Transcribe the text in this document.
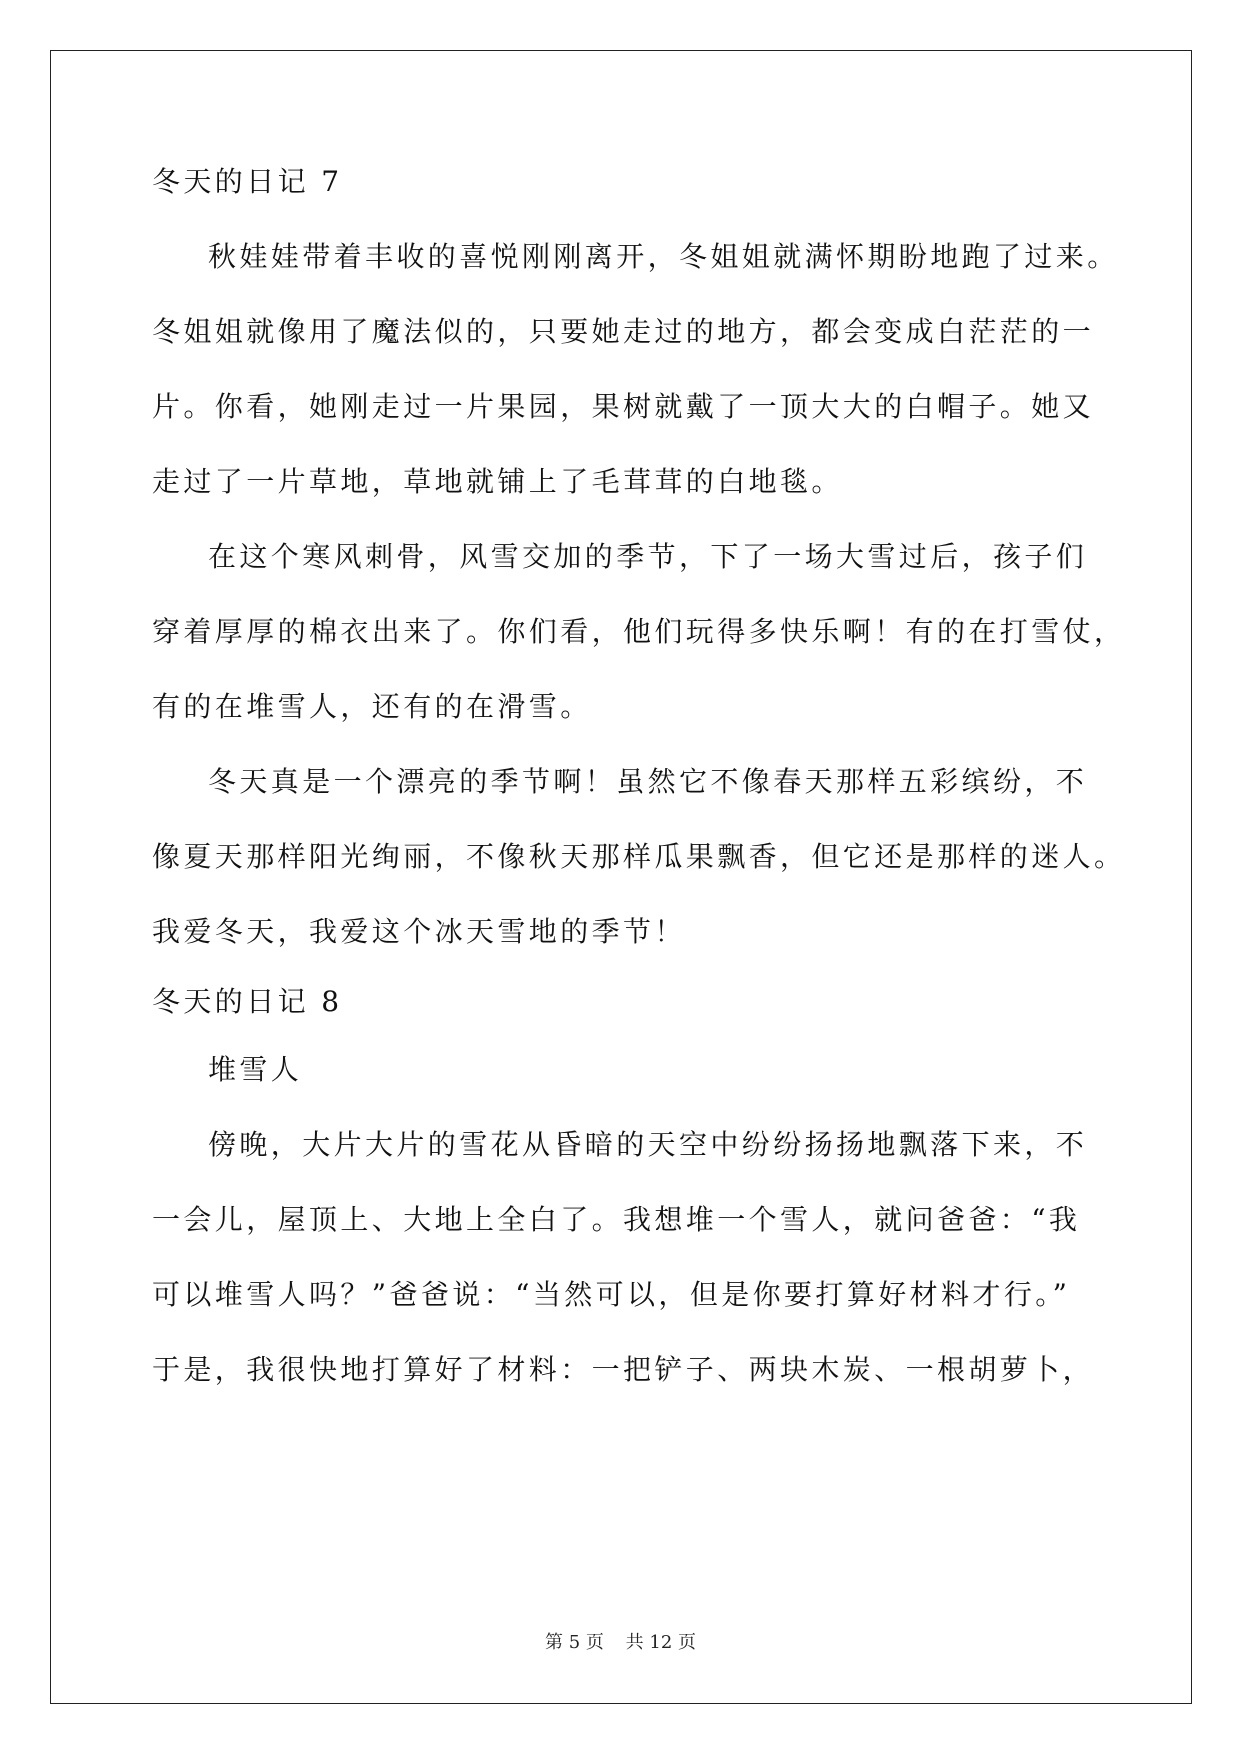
冬天的日记 7
秋娃娃带着丰收的喜悦刚刚离开，冬姐姐就满怀期盼地跑了过来。
冬姐姐就像用了魔法似的，只要她走过的地方，都会变成白茫茫的一
片。你看，她刚走过一片果园，果树就戴了一顶大大的白帽子。她又
走过了一片草地，草地就铺上了毛茸茸的白地毯。
在这个寒风刺骨，风雪交加的季节，下了一场大雪过后，孩子们
穿着厚厚的棉衣出来了。你们看，他们玩得多快乐啊！有的在打雪仗，
有的在堆雪人，还有的在滑雪。
冬天真是一个漂亮的季节啊！虽然它不像春天那样五彩缤纷，不
像夏天那样阳光绚丽，不像秋天那样瓜果飘香，但它还是那样的迷人。
我爱冬天，我爱这个冰天雪地的季节！
冬天的日记 8
堆雪人
傍晚，大片大片的雪花从昏暗的天空中纷纷扬扬地飘落下来，不
一会儿，屋顶上、大地上全白了。我想堆一个雪人，就问爸爸：“我
可以堆雪人吗？”爸爸说：“当然可以，但是你要打算好材料才行。”
于是，我很快地打算好了材料：一把铲子、两块木炭、一根胡萝卜，
第 5 页 共 12 页
